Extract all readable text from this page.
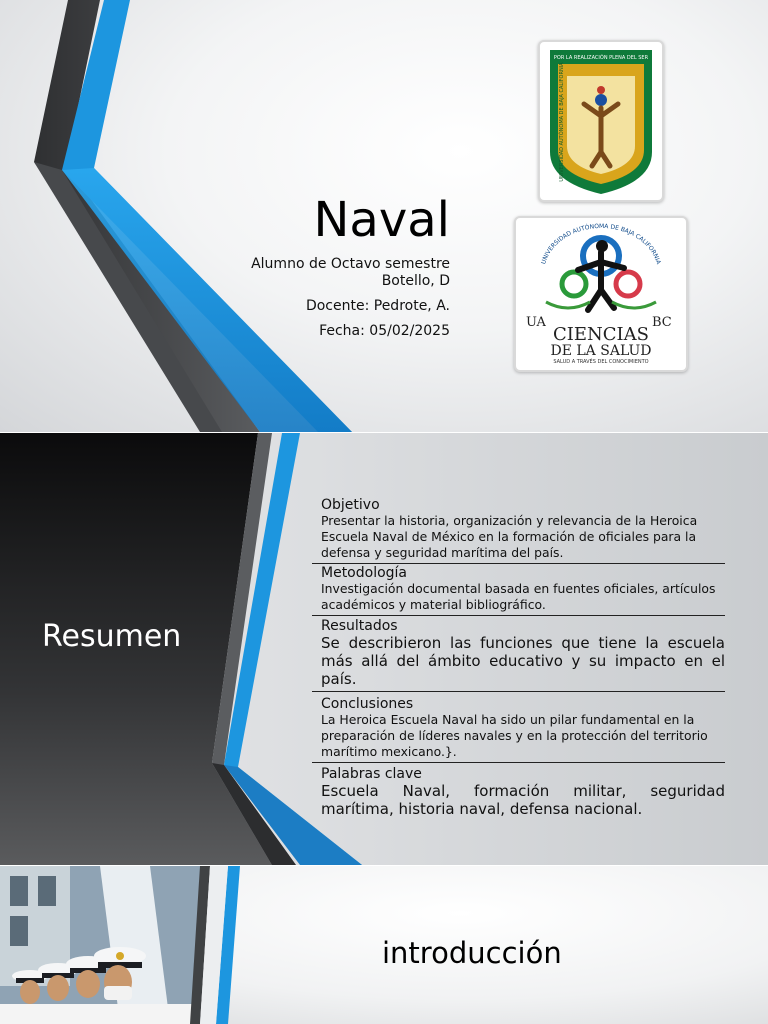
Naval
Alumno de Octavo semestre
Botello, D
Docente: Pedrote, A.
Fecha: 05/02/2025
POR LA REALIZACIÓN PLENA DEL SER
UNIVERSIDAD AUTÓNOMA DE BAJA CALIFORNIA
UNIVERSIDAD AUTÓNOMA DE BAJA CALIFORNIA
UA	BC
CIENCIAS
DE LA SALUD
SALUD A TRAVÉS DEL CONOCIMIENTO
Resumen
Objetivo
Presentar la historia, organización y relevancia de la Heroica Escuela Naval de México en la formación de oficiales para la defensa y seguridad marítima del país.
Metodología
Investigación documental basada en fuentes oficiales, artículos académicos y material bibliográfico.
Resultados
Se describieron las funciones que tiene la escuela más allá del ámbito educativo y su impacto en el país.
Conclusiones
La Heroica Escuela Naval ha sido un pilar fundamental en la preparación de líderes navales y en la protección del territorio marítimo mexicano.}.
Palabras clave
Escuela Naval, formación militar, seguridad marítima, historia naval, defensa nacional.
introducción
